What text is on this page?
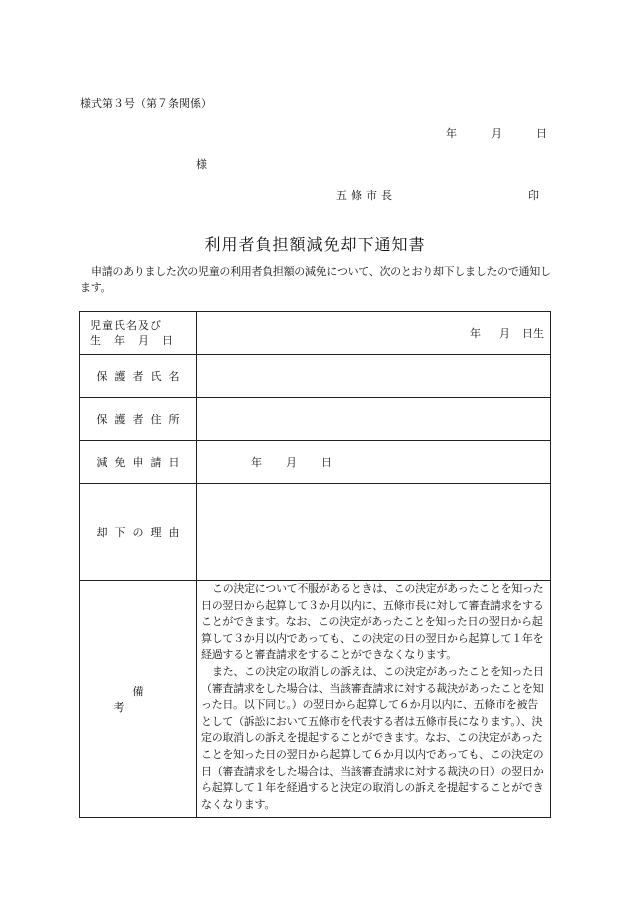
様式第３号（第７条関係）
年	月	日
様
五條市長	印
利用者負担額減免却下通知書
申請のありました次の児童の利用者負担額の減免について、次のとおり却下しましたので通知します。
児童氏名及び
生年月日	年 月 日生
保護者氏名	
保護者住所	
減免申請日	年 月 日
却下の理由	
備考	この決定について不服があるときは、この決定があったことを知った日の翌日から起算して３か月以内に、五條市長に対して審査請求をすることができます。なお、この決定があったことを知った日の翌日から起算して３か月以内であっても、この決定の日の翌日から起算して１年を経過すると審査請求をすることができなくなります。

また、この決定の取消しの訴えは、この決定があったことを知った日（審査請求をした場合は、当該審査請求に対する裁決があったことを知った日。以下同じ。）の翌日から起算して６か月以内に、五條市を被告として（訴訟において五條市を代表する者は五條市長になります。）、決定の取消しの訴えを提起することができます。なお、この決定があったことを知った日の翌日から起算して６か月以内であっても、この決定の日（審査請求をした場合は、当該審査請求に対する裁決の日）の翌日から起算して１年を経過すると決定の取消しの訴えを提起することができなくなります。
